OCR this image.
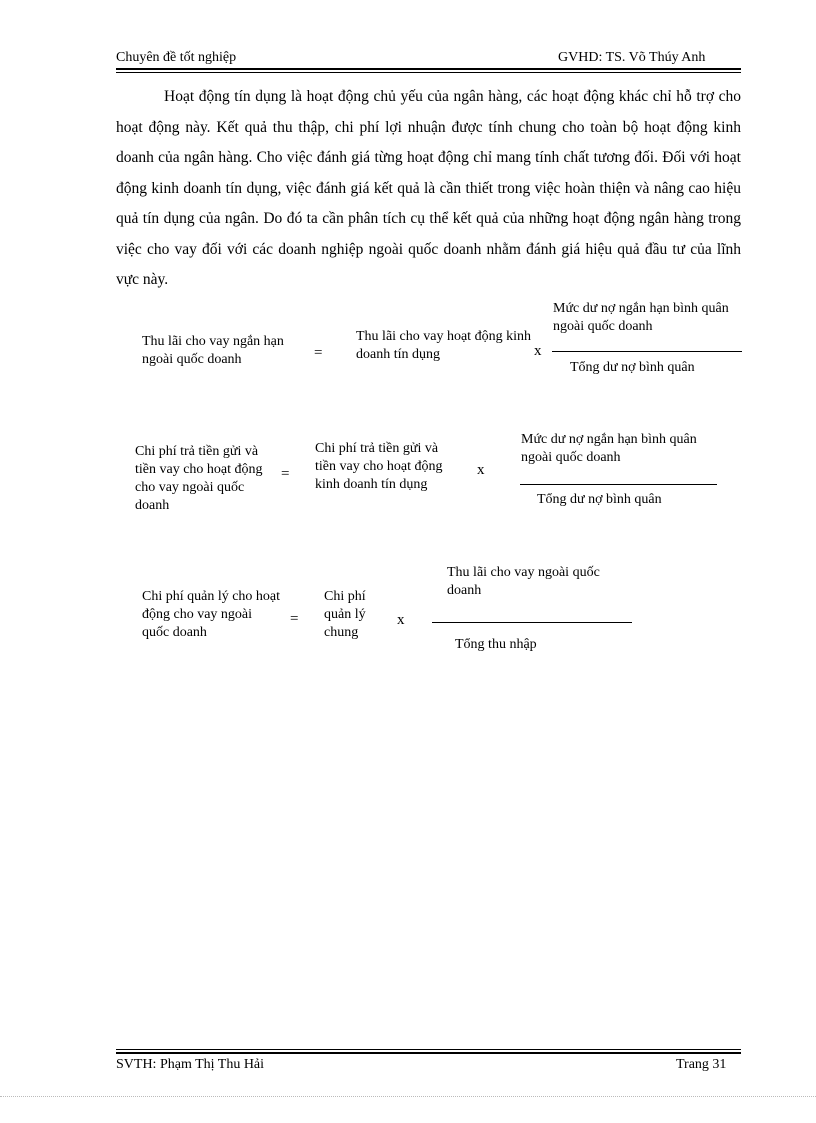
Chuyên đề tốt nghiệp	GVHD: TS. Võ Thúy Anh
Hoạt động tín dụng là hoạt động chủ yếu của ngân hàng, các hoạt động khác chỉ hỗ trợ cho hoạt động này. Kết quả thu thập, chi phí lợi nhuận được tính chung cho toàn bộ hoạt động kinh doanh của ngân hàng. Cho việc đánh giá từng hoạt động chỉ mang tính chất tương đối. Đối với hoạt động kinh doanh tín dụng, việc đánh giá kết quả là cần thiết trong việc hoàn thiện và nâng cao hiệu quả tín dụng của ngân. Do đó ta cần phân tích cụ thể kết quả của những hoạt động ngân hàng trong việc cho vay đối với các doanh nghiệp ngoài quốc doanh nhằm đánh giá hiệu quả đầu tư của lĩnh vực này.
Thu lãi cho vay ngắn hạn ngoài quốc doanh	=
Thu lãi cho vay hoạt động kinh doanh tín dụng	x
Mức dư nợ ngắn hạn bình quân ngoài quốc doanh
Tổng dư nợ bình quân
Chi phí trả tiền gửi và tiền vay cho hoạt động cho vay ngoài quốc doanh
=
Chi phí trả tiền gửi và tiền vay cho hoạt động kinh doanh tín dụng
x
Mức dư nợ ngắn hạn bình quân ngoài quốc doanh
Tổng dư nợ bình quân
Chi phí quản lý cho hoạt động cho vay ngoài quốc doanh
=
Chi phí quản lý chung
x
Thu lãi cho vay ngoài quốc doanh
Tổng thu nhập
SVTH: Phạm Thị Thu Hải	Trang 31
